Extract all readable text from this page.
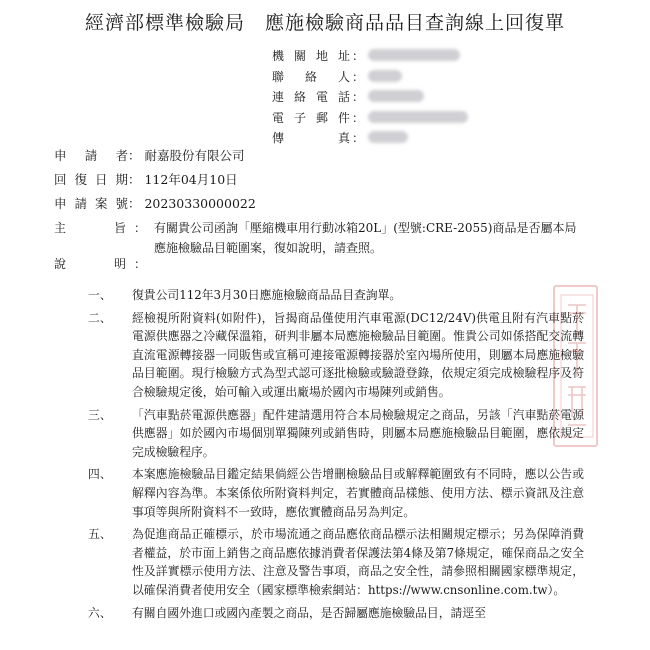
經濟部標準檢驗局　應施檢驗商品品目查詢線上回復單
機關地址 ：
聯絡人 ：
連絡電話 ：
電子郵件 ：
傳真 ：
申請者： 耐嘉股份有限公司
回復日期： 112年04月10日
申請案號： 20230330000022
主	旨 ： 有關貴公司函詢「壓縮機車用行動冰箱20L」(型號:CRE-2055)商品是否屬本局應施檢驗品目範圍案，復如說明，請查照。
說	明 ：
一、 復貴公司112年3月30日應施檢驗商品品目查詢單。
二、 經檢視所附資料(如附件)，旨揭商品僅使用汽車電源(DC12/24V)供電且附有汽車點菸電源供應器之冷藏保溫箱，研判非屬本局應施檢驗品目範圍。惟貴公司如係搭配交流轉直流電源轉接器一同販售或宣稱可連接電源轉接器於室內場所使用，則屬本局應施檢驗品目範圍。現行檢驗方式為型式認可逐批檢驗或驗證登錄，依規定須完成檢驗程序及符合檢驗規定後，始可輸入或運出廠場於國內市場陳列或銷售。
三、 「汽車點菸電源供應器」配件建請選用符合本局檢驗規定之商品，另該「汽車點菸電源供應器」如於國內市場個別單獨陳列或銷售時，則屬本局應施檢驗品目範圍，應依規定完成檢驗程序。
四、 本案應施檢驗品目鑑定結果倘經公告增刪檢驗品目或解釋範圍致有不同時，應以公告或解釋內容為準。本案係依所附資料判定，若實體商品樣態、使用方法、標示資訊及注意事項等與所附資料不一致時，應依實體商品另為判定。
五、 為促進商品正確標示，於市場流通之商品應依商品標示法相關規定標示；另為保障消費者權益，於市面上銷售之商品應依據消費者保護法第4條及第7條規定，確保商品之安全性及詳實標示使用方法、注意及警告事項，商品之安全性，請參照相關國家標準規定，以確保消費者使用安全（國家標準檢索網站：https://www.cnsonline.com.tw）。
六、 有關自國外進口或國內產製之商品，是否歸屬應施檢驗品目，請逕至
